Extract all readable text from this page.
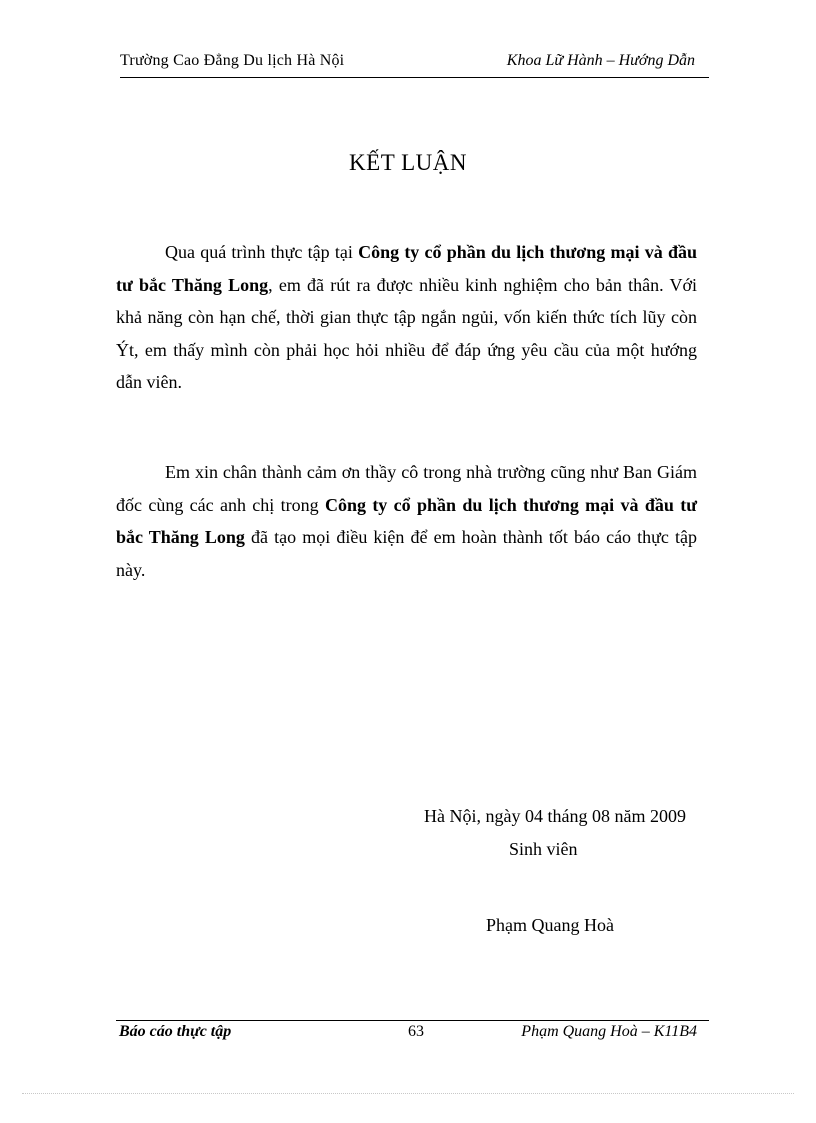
Trường Cao Đẳng Du lịch Hà Nội	Khoa Lữ Hành – Hướng Dẫn
KẾT LUẬN

Qua quá trình thực tập tại Công ty cổ phần du lịch thương mại và đầu tư bắc Thăng Long, em đã rút ra được nhiều kinh nghiệm cho bản thân. Với khả năng còn hạn chế, thời gian thực tập ngắn ngủi, vốn kiến thức tích lũy còn Ýt, em thấy mình còn phải học hỏi nhiều để đáp ứng yêu cầu của một hướng dẫn viên.

Em xin chân thành cảm ơn thầy cô trong nhà trường cũng như Ban Giám đốc cùng các anh chị trong Công ty cổ phần du lịch thương mại và đầu tư bắc Thăng Long đã tạo mọi điều kiện để em hoàn thành tốt báo cáo thực tập này.

Hà Nội, ngày 04 tháng 08 năm 2009
Sinh viên
Phạm Quang Hoà
Báo cáo thực tập	63	Phạm Quang Hoà – K11B4
